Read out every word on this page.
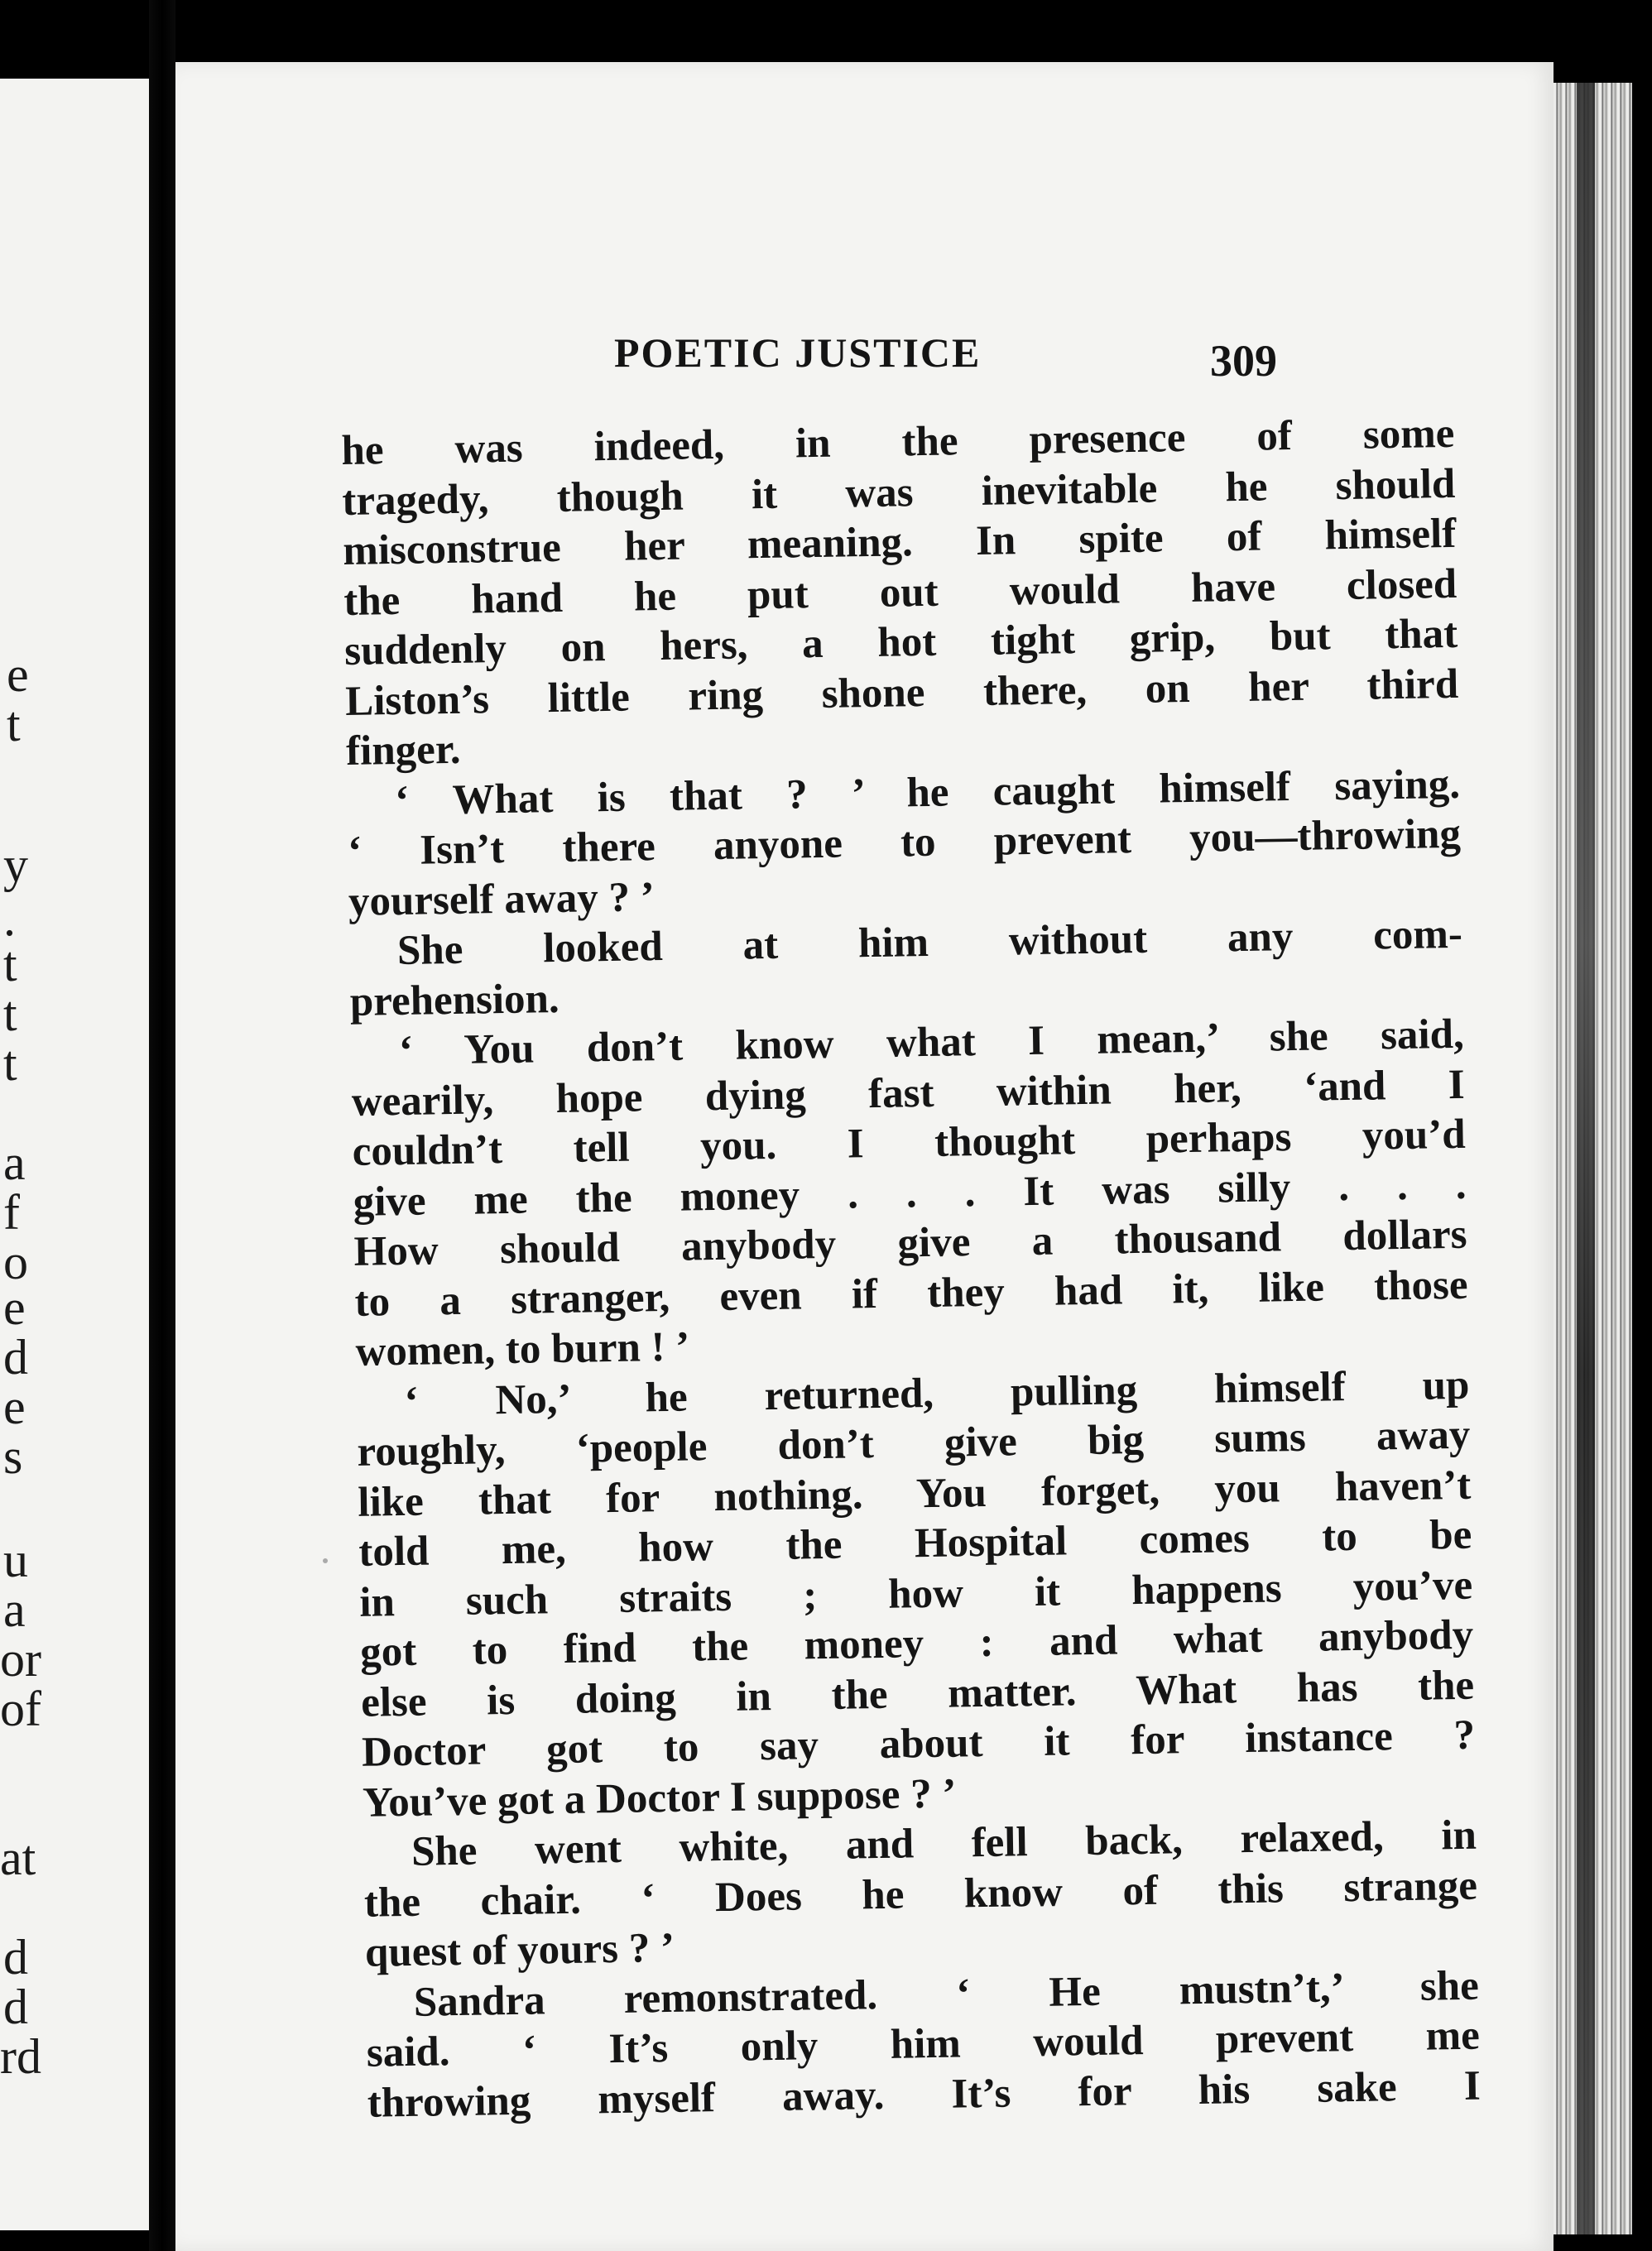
e
t
y
.
t
t
t
a
f
o
e
d
e
s
u
a
or
of
at
d
d
rd
POETIC JUSTICE	309
he was indeed, in the presence of some
tragedy, though it was inevitable he should
misconstrue her meaning. In spite of himself
the hand he put out would have closed
suddenly on hers, a hot tight grip, but that
Liston’s little ring shone there, on her third
finger.
‘ What is that ? ’ he caught himself saying.
‘ Isn’t there anyone to prevent you—throwing
yourself away ? ’
She looked at him without any com-
prehension.
‘ You don’t know what I mean,’ she said,
wearily, hope dying fast within her, ‘and I
couldn’t tell you. I thought perhaps you’d
give me the money . . . It was silly . . .
How should anybody give a thousand dollars
to a stranger, even if they had it, like those
women, to burn ! ’
‘ No,’ he returned, pulling himself up
roughly, ‘people don’t give big sums away
like that for nothing. You forget, you haven’t
told me, how the Hospital comes to be
in such straits ; how it happens you’ve
got to find the money : and what anybody
else is doing in the matter. What has the
Doctor got to say about it for instance ?
You’ve got a Doctor I suppose ? ’
She went white, and fell back, relaxed, in
the chair. ‘ Does he know of this strange
quest of yours ? ’
Sandra remonstrated. ‘ He mustn’t,’ she
said. ‘ It’s only him would prevent me
throwing myself away. It’s for his sake I
